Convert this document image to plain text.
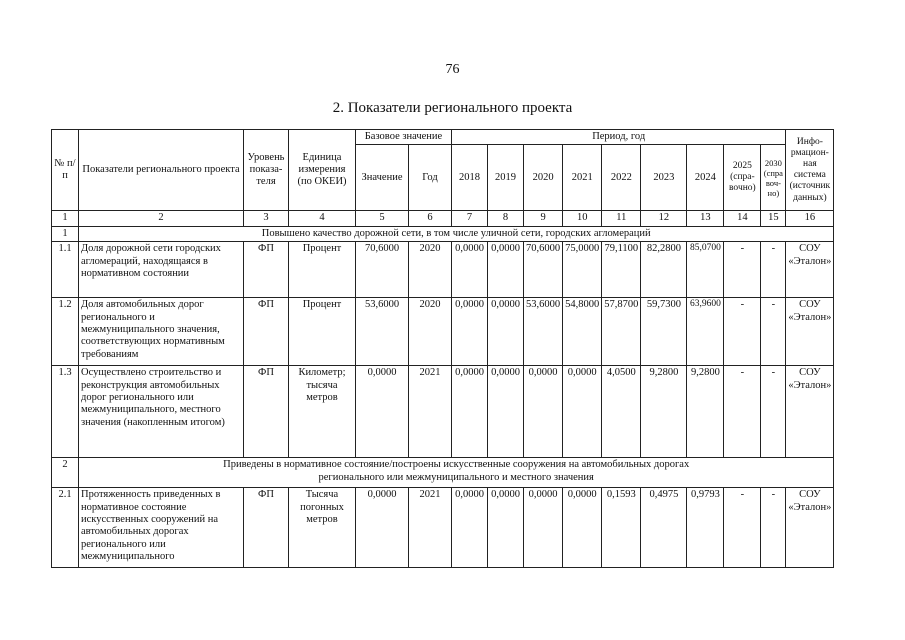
76
2. Показатели регионального проекта
№ п/п	Показатели регионального проекта	Уровень показа-теля	Единица измерения (по ОКЕИ)	Базовое значение		Период, год									Инфо-рмацион-ная система (источник данных)
				Значение	Год	2018	2019	2020	2021	2022	2023	2024	2025 (спра-вочно)	2030 (спра воч-но)	
1	2	3	4	5	6	7	8	9	10	11	12	13	14	15	16
1	Повышено качество дорожной сети, в том числе уличной сети, городских агломераций														
1.1	Доля дорожной сети городских агломераций, находящаяся в нормативном состоянии	ФП	Процент	70,6000	2020	0,0000	0,0000	70,6000	75,0000	79,1100	82,2800	85,0700	-	-	СОУ «Эталон»
1.2	Доля автомобильных дорог регионального и межмуниципального значения, соответствующих нормативным требованиям	ФП	Процент	53,6000	2020	0,0000	0,0000	53,6000	54,8000	57,8700	59,7300	63,9600	-	-	СОУ «Эталон»
1.3	Осуществлено строительство и реконструкция автомобильных дорог регионального или межмуниципального, местного значения (накопленным итогом)	ФП	Километр; тысяча метров	0,0000	2021	0,0000	0,0000	0,0000	0,0000	4,0500	9,2800	9,2800	-	-	СОУ «Эталон»
2	Приведены в нормативное состояние/построены искусственные сооружения на автомобильных дорогах
регионального или межмуниципального и местного значения														

2.1	Протяженность приведенных в нормативное состояние искусственных сооружений на автомобильных дорогах регионального или межмуниципального	ФП	Тысяча погонных метров	0,0000	2021	0,0000	0,0000	0,0000	0,0000	0,1593	0,4975	0,9793	-	-	СОУ «Эталон»
